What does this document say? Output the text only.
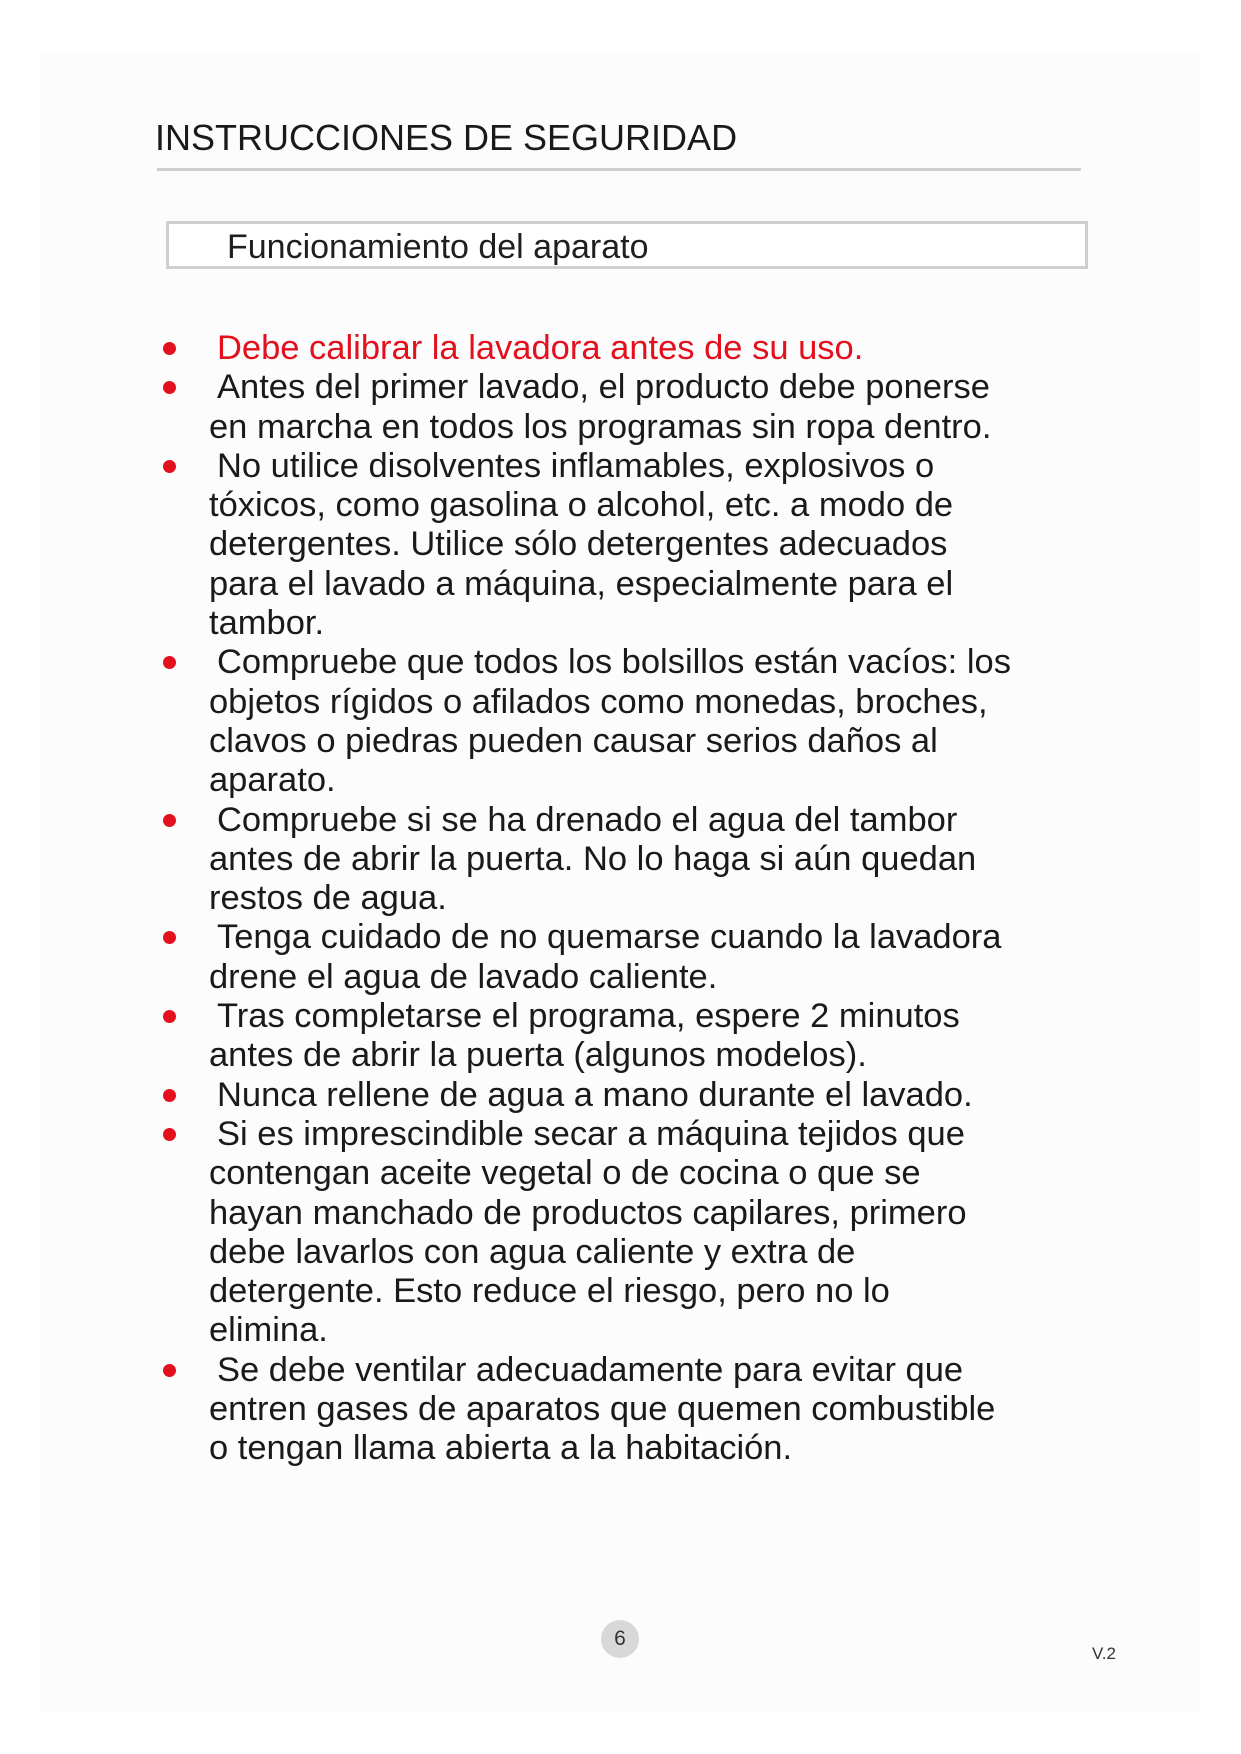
INSTRUCCIONES DE SEGURIDAD
Funcionamiento del aparato
Debe calibrar la lavadora antes de su uso.
Antes del primer lavado, el producto debe ponerse
en marcha en todos los programas sin ropa dentro.
No utilice disolventes inflamables, explosivos o
tóxicos, como gasolina o alcohol, etc. a modo de
detergentes. Utilice sólo detergentes adecuados
para el lavado a máquina, especialmente para el
tambor.
Compruebe que todos los bolsillos están vacíos: los
objetos rígidos o afilados como monedas, broches,
clavos o piedras pueden causar serios daños al
aparato.
Compruebe si se ha drenado el agua del tambor
antes de abrir la puerta. No lo haga si aún quedan
restos de agua.
Tenga cuidado de no quemarse cuando la lavadora
drene el agua de lavado caliente.
Tras completarse el programa, espere 2 minutos
antes de abrir la puerta (algunos modelos).
Nunca rellene de agua a mano durante el lavado.
Si es imprescindible secar a máquina tejidos que
contengan aceite vegetal o de cocina o que se
hayan manchado de productos capilares, primero
debe lavarlos con agua caliente y extra de
detergente. Esto reduce el riesgo, pero no lo
elimina.
Se debe ventilar adecuadamente para evitar que
entren gases de aparatos que quemen combustible
o tengan llama abierta a la habitación.
6
V.2
